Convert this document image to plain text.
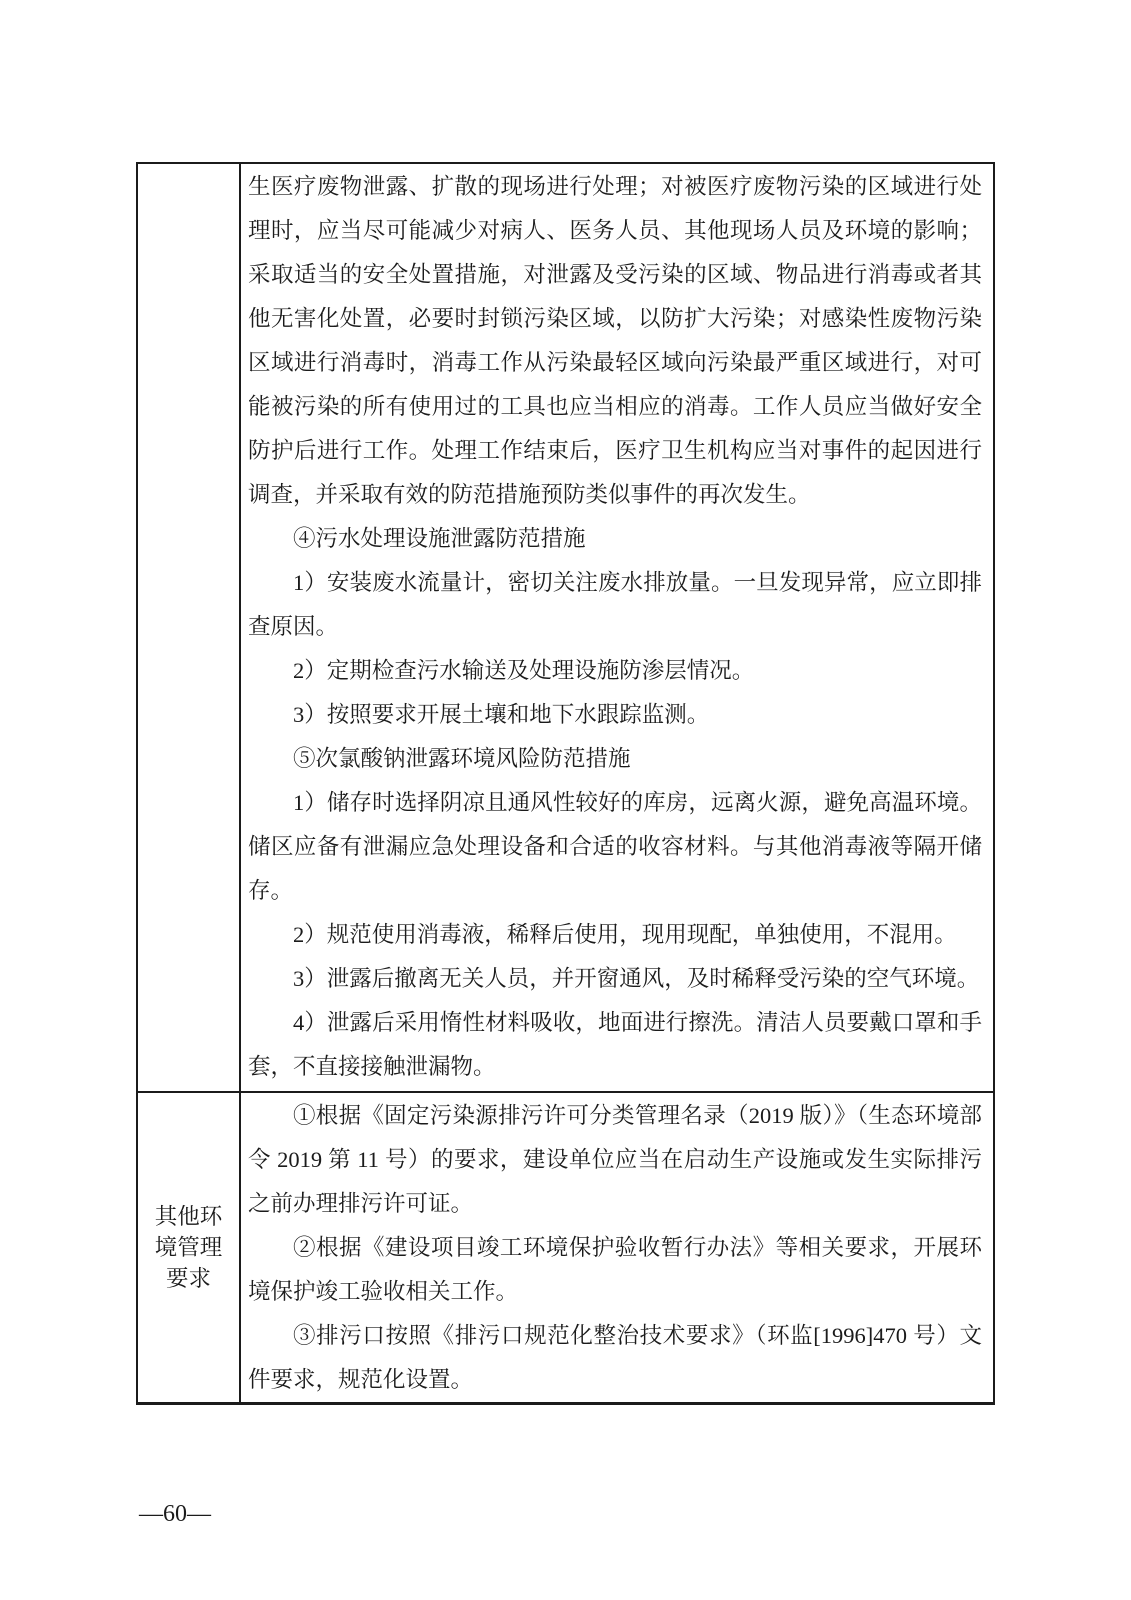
生医疗废物泄露、扩散的现场进行处理；对被医疗废物污染的区域进行处理时，应当尽可能减少对病人、医务人员、其他现场人员及环境的影响；采取适当的安全处置措施，对泄露及受污染的区域、物品进行消毒或者其他无害化处置，必要时封锁污染区域，以防扩大污染；对感染性废物污染区域进行消毒时，消毒工作从污染最轻区域向污染最严重区域进行，对可能被污染的所有使用过的工具也应当相应的消毒。工作人员应当做好安全防护后进行工作。处理工作结束后，医疗卫生机构应当对事件的起因进行调查，并采取有效的防范措施预防类似事件的再次发生。

④污水处理设施泄露防范措施

1）安装废水流量计，密切关注废水排放量。一旦发现异常，应立即排查原因。

2）定期检查污水输送及处理设施防渗层情况。

3）按照要求开展土壤和地下水跟踪监测。

⑤次氯酸钠泄露环境风险防范措施

1）储存时选择阴凉且通风性较好的库房，远离火源，避免高温环境。储区应备有泄漏应急处理设备和合适的收容材料。与其他消毒液等隔开储存。

2）规范使用消毒液，稀释后使用，现用现配，单独使用，不混用。

3）泄露后撤离无关人员，并开窗通风，及时稀释受污染的空气环境。

4）泄露后采用惰性材料吸收，地面进行擦洗。清洁人员要戴口罩和手套，不直接接触泄漏物。

其他环境管理要求

①根据《固定污染源排污许可分类管理名录（2019 版）》（生态环境部令 2019 第 11 号）的要求，建设单位应当在启动生产设施或发生实际排污之前办理排污许可证。

②根据《建设项目竣工环境保护验收暂行办法》等相关要求，开展环境保护竣工验收相关工作。

③排污口按照《排污口规范化整治技术要求》（环监[1996]470 号）文件要求，规范化设置。

—60—
